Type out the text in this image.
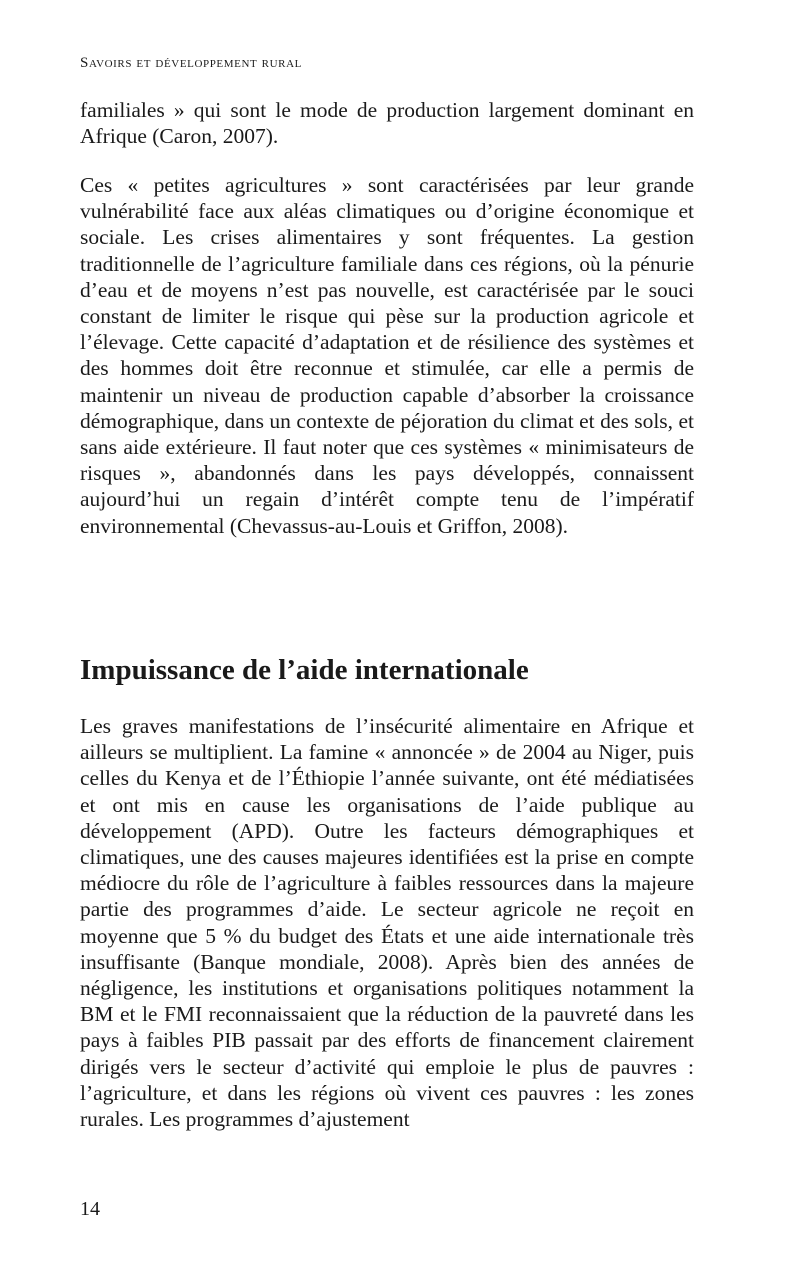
Savoirs et développement rural

familiales » qui sont le mode de production largement dominant en Afrique (Caron, 2007).

Ces « petites agricultures » sont caractérisées par leur grande vulnérabilité face aux aléas climatiques ou d’origine économique et sociale. Les crises alimentaires y sont fréquentes. La gestion traditionnelle de l’agriculture familiale dans ces régions, où la pénurie d’eau et de moyens n’est pas nouvelle, est caractérisée par le souci constant de limiter le risque qui pèse sur la production agricole et l’élevage. Cette capacité d’adaptation et de résilience des systèmes et des hommes doit être reconnue et stimulée, car elle a permis de maintenir un niveau de production capable d’absorber la croissance démographique, dans un contexte de péjoration du climat et des sols, et sans aide extérieure. Il faut noter que ces systèmes « minimisateurs de risques », abandonnés dans les pays développés, connaissent aujourd’hui un regain d’intérêt compte tenu de l’impératif environnemental (Chevassus-au-Louis et Griffon, 2008).

Impuissance de l’aide internationale

Les graves manifestations de l’insécurité alimentaire en Afrique et ailleurs se multiplient. La famine « annoncée » de 2004 au Niger, puis celles du Kenya et de l’Éthiopie l’année suivante, ont été médiatisées et ont mis en cause les organisations de l’aide publique au développement (APD). Outre les facteurs démographiques et climatiques, une des causes majeures identifiées est la prise en compte médiocre du rôle de l’agriculture à faibles ressources dans la majeure partie des programmes d’aide. Le secteur agricole ne reçoit en moyenne que 5 % du budget des États et une aide internationale très insuffisante (Banque mondiale, 2008). Après bien des années de négligence, les institutions et organisations politiques notamment la BM et le FMI reconnaissaient que la réduction de la pauvreté dans les pays à faibles PIB passait par des efforts de financement clairement dirigés vers le secteur d’activité qui emploie le plus de pauvres : l’agriculture, et dans les régions où vivent ces pauvres : les zones rurales. Les programmes d’ajustement

14
